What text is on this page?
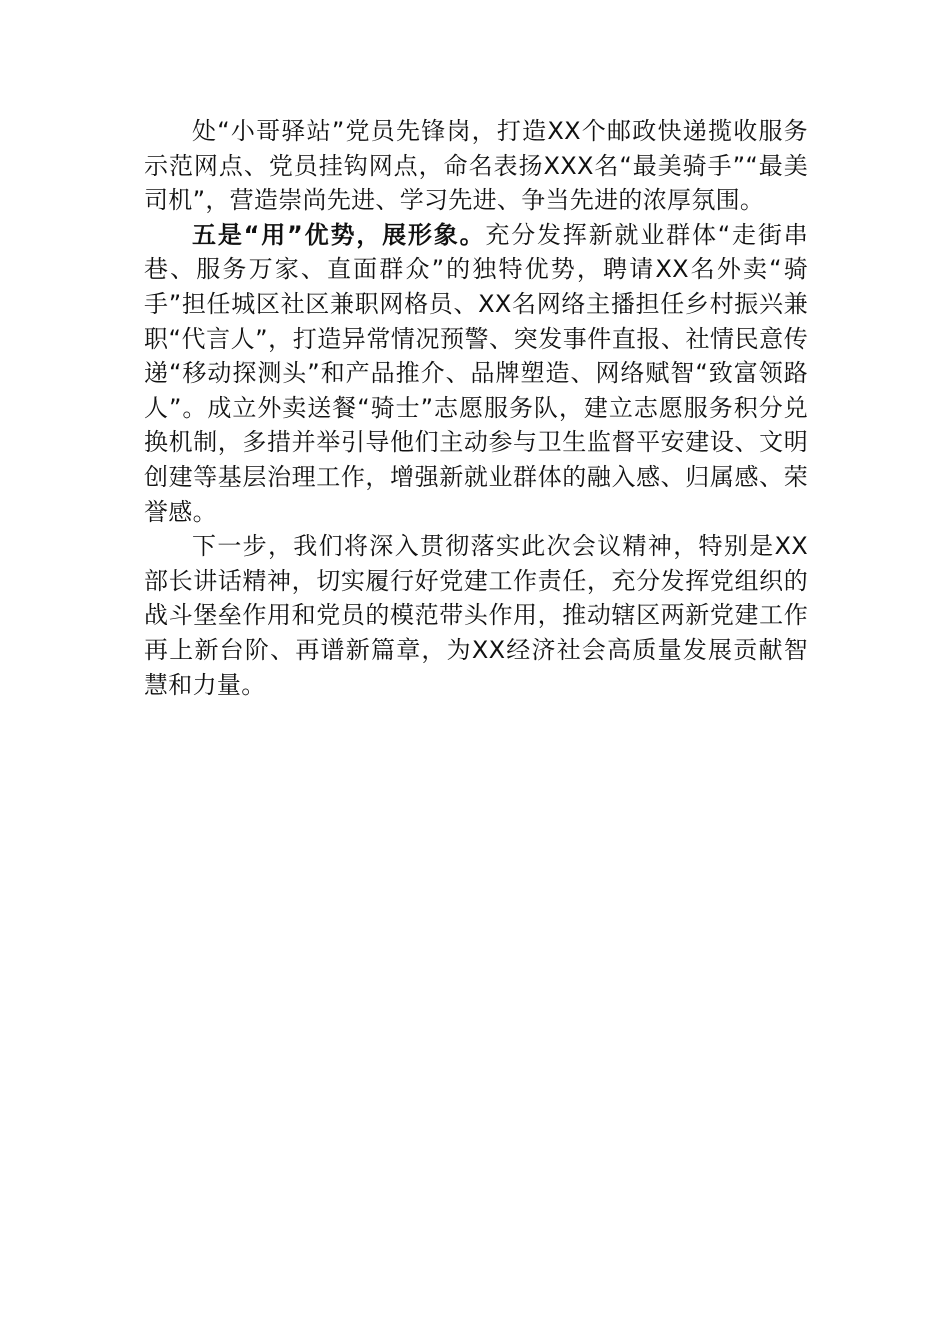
处“小哥驿站”党员先锋岗，打造XX个邮政快递揽收服务示范网点、党员挂钩网点，命名表扬XXX名“最美骑手”“最美司机”，营造崇尚先进、学习先进、争当先进的浓厚氛围。

五是“用”优势，展形象。充分发挥新就业群体“走街串巷、服务万家、直面群众”的独特优势，聘请XX名外卖“骑手”担任城区社区兼职网格员、XX名网络主播担任乡村振兴兼职“代言人”，打造异常情况预警、突发事件直报、社情民意传递“移动探测头”和产品推介、品牌塑造、网络赋智“致富领路人”。成立外卖送餐“骑士”志愿服务队，建立志愿服务积分兑换机制，多措并举引导他们主动参与卫生监督平安建设、文明创建等基层治理工作，增强新就业群体的融入感、归属感、荣誉感。

下一步，我们将深入贯彻落实此次会议精神，特别是XX部长讲话精神，切实履行好党建工作责任，充分发挥党组织的战斗堡垒作用和党员的模范带头作用，推动辖区两新党建工作再上新台阶、再谱新篇章，为XX经济社会高质量发展贡献智慧和力量。
